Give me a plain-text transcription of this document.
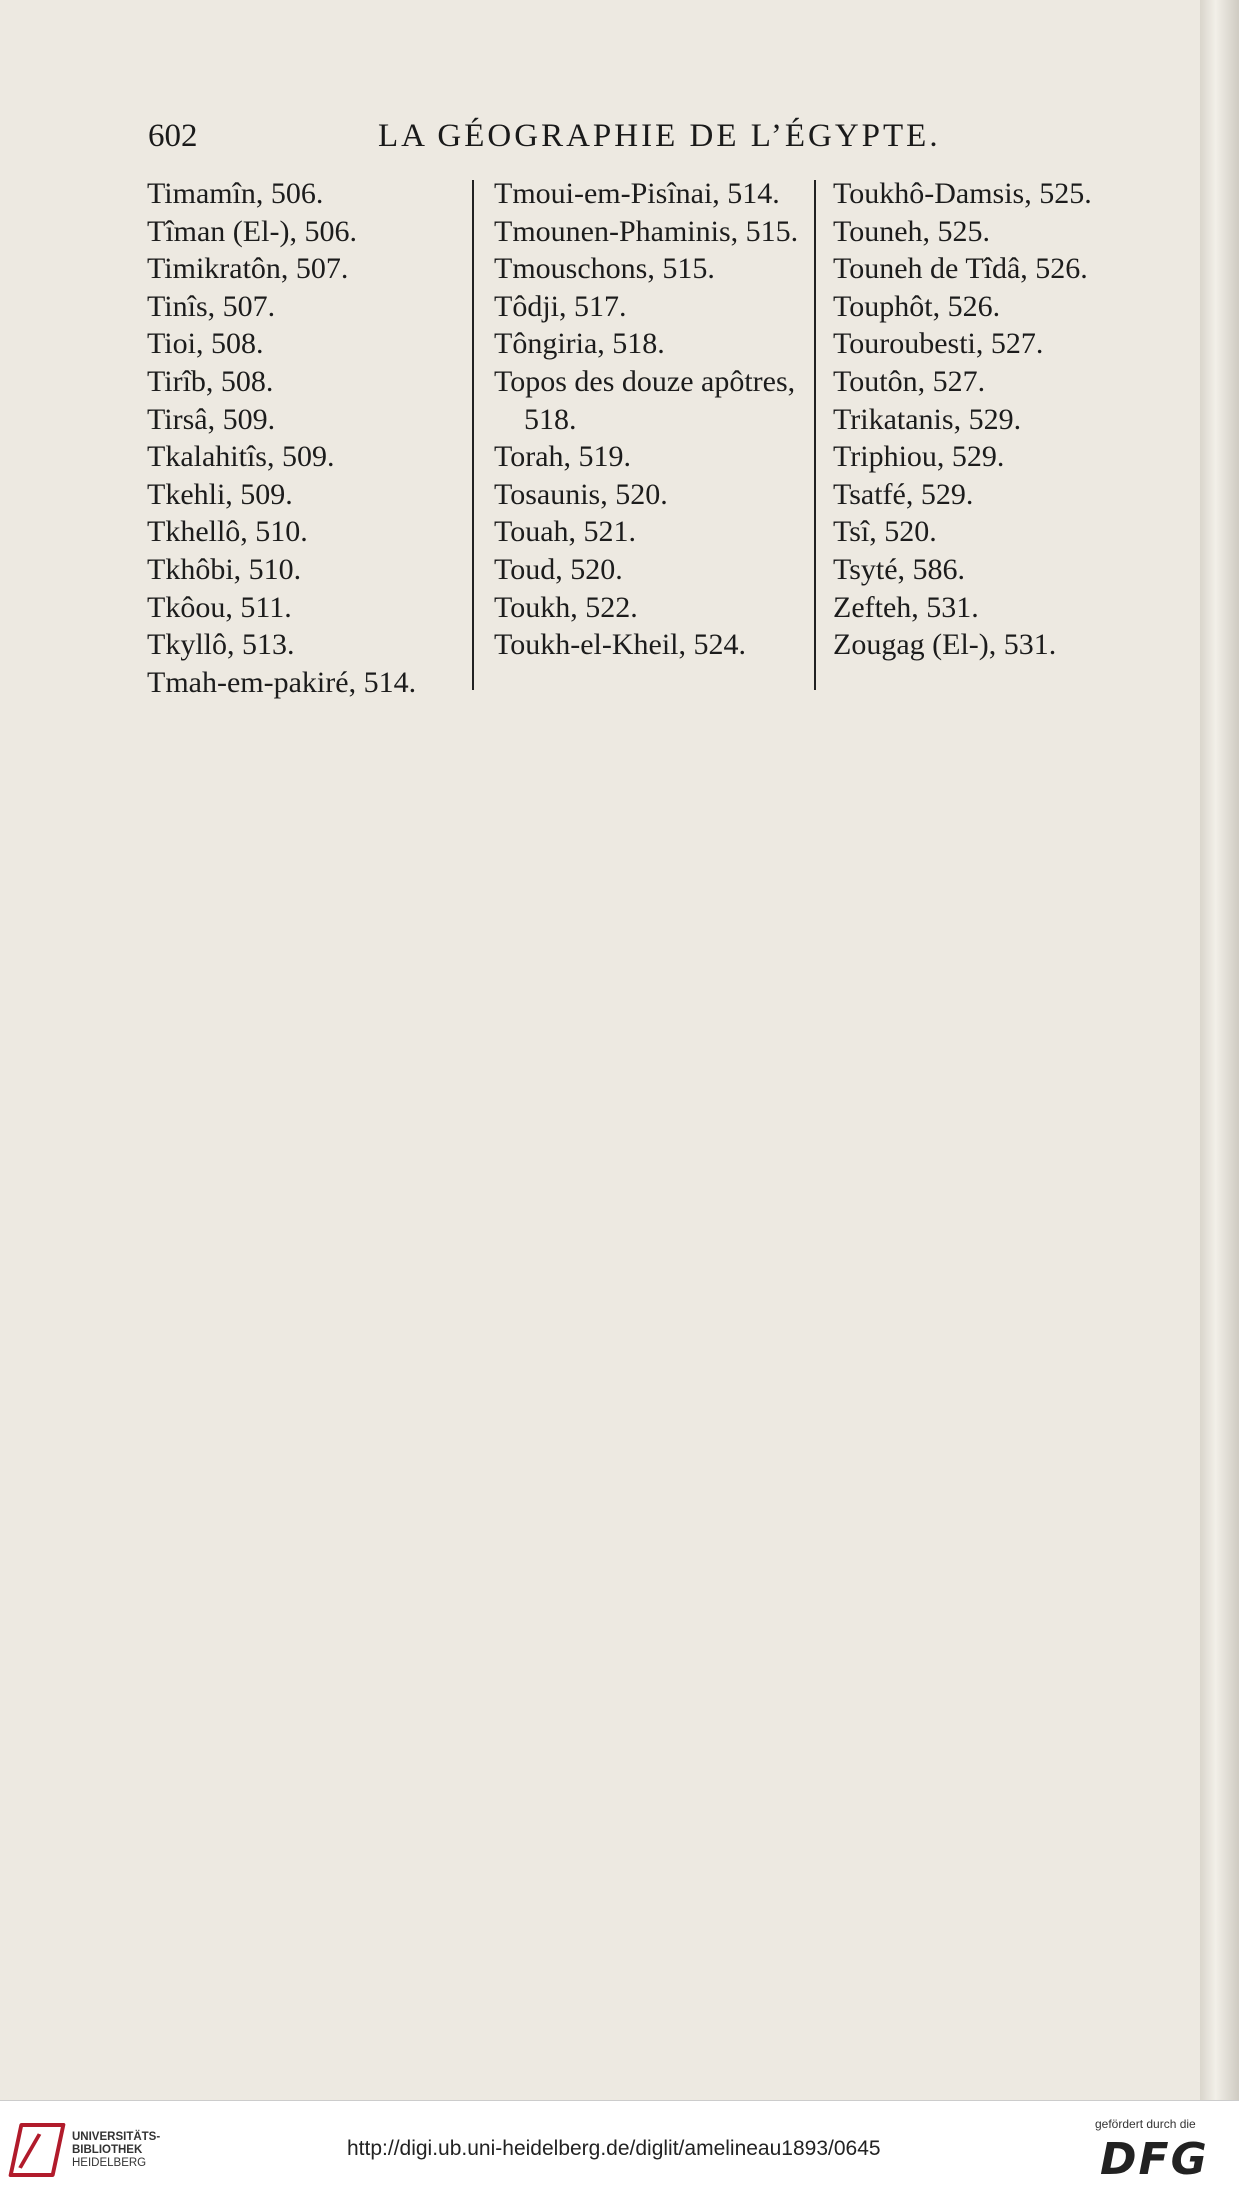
602	LA GÉOGRAPHIE DE L’ÉGYPTE.
Timamîn, 506.
Tîman (El-), 506.
Timikratôn, 507.
Tinîs, 507.
Tioi, 508.
Tirîb, 508.
Tirsâ, 509.
Tkalahitîs, 509.
Tkehli, 509.
Tkhellô, 510.
Tkhôbi, 510.
Tkôou, 511.
Tkyllô, 513.
Tmah-em-pakiré, 514.
Tmoui-em-Pisînai, 514.
Tmounen-Phaminis, 515.
Tmouschons, 515.
Tôdji, 517.
Tôngiria, 518.
Topos des douze apôtres,
518.
Torah, 519.
Tosaunis, 520.
Touah, 521.
Toud, 520.
Toukh, 522.
Toukh-el-Kheil, 524.
Toukhô-Damsis, 525.
Touneh, 525.
Touneh de Tîdâ, 526.
Touphôt, 526.
Touroubesti, 527.
Toutôn, 527.
Trikatanis, 529.
Triphiou, 529.
Tsatfé, 529.
Tsî, 520.
Tsyté, 586.
Zefteh, 531.
Zougag (El-), 531.
UNIVERSITÄTS-
BIBLIOTHEK
HEIDELBERG
http://digi.ub.uni-heidelberg.de/diglit/amelineau1893/0645
gefördert durch die
DFG
